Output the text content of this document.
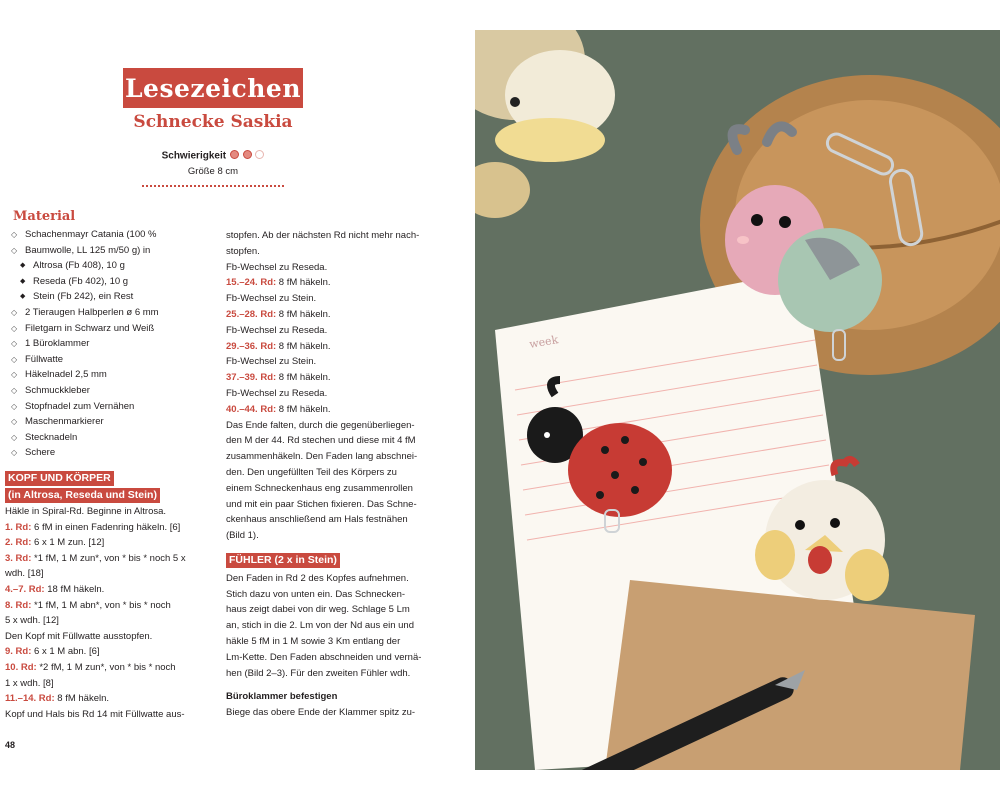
Lesezeichen
Schnecke Saskia
Schwierigkeit
Größe 8 cm
Material
◇ Schachenmayr Catania (100 %
◇ Baumwolle, LL 125 m/50 g) in
◆ Altrosa (Fb 408), 10 g
◆ Reseda (Fb 402), 10 g
◆ Stein (Fb 242), ein Rest
◇ 2 Tieraugen Halbperlen ø 6 mm
◇ Filetgarn in Schwarz und Weiß
◇ 1 Büroklammer
◇ Füllwatte
◇ Häkelnadel 2,5 mm
◇ Schmuckkleber
◇ Stopfnadel zum Vernähen
◇ Maschenmarkierer
◇ Stecknadeln
◇ Schere
KOPF UND KÖRPER
(in Altrosa, Reseda und Stein)

Häkle in Spiral-Rd. Beginne in Altrosa.

1. Rd: 6 fM in einen Fadenring häkeln. [6]
2. Rd: 6 x 1 M zun. [12]
3. Rd: *1 fM, 1 M zun*, von * bis * noch 5 x
wdh. [18]
4.–7. Rd: 18 fM häkeln.
8. Rd: *1 fM, 1 M abn*, von * bis * noch
5 x wdh. [12]
Den Kopf mit Füllwatte ausstopfen.
9. Rd: 6 x 1 M abn. [6]
10. Rd: *2 fM, 1 M zun*, von * bis * noch
1 x wdh. [8]
11.–14. Rd: 8 fM häkeln.
Kopf und Hals bis Rd 14 mit Füllwatte aus-
stopfen. Ab der nächsten Rd nicht mehr nach-
stopfen.
Fb-Wechsel zu Reseda.
15.–24. Rd: 8 fM häkeln.
Fb-Wechsel zu Stein.
25.–28. Rd: 8 fM häkeln.
Fb-Wechsel zu Reseda.
29.–36. Rd: 8 fM häkeln.
Fb-Wechsel zu Stein.
37.–39. Rd: 8 fM häkeln.
Fb-Wechsel zu Reseda.
40.–44. Rd: 8 fM häkeln.
Das Ende falten, durch die gegenüberliegen-
den M der 44. Rd stechen und diese mit 4 fM
zusammenhäkeln. Den Faden lang abschnei-
den. Den ungefüllten Teil des Körpers zu
einem Schneckenhaus eng zusammenrollen
und mit ein paar Stichen fixieren. Das Schne-
ckenhaus anschließend am Hals festnähen
(Bild 1).
FÜHLER (2 x in Stein)
Den Faden in Rd 2 des Kopfes aufnehmen.
Stich dazu von unten ein. Das Schnecken-
haus zeigt dabei von dir weg. Schlage 5 Lm
an, stich in die 2. Lm von der Nd aus ein und
häkle 5 fM in 1 M sowie 3 Km entlang der
Lm-Kette. Den Faden abschneiden und vernä-
hen (Bild 2–3). Für den zweiten Fühler wdh.

Büroklammer befestigen

Biege das obere Ende der Klammer spitz zu-

48
week
